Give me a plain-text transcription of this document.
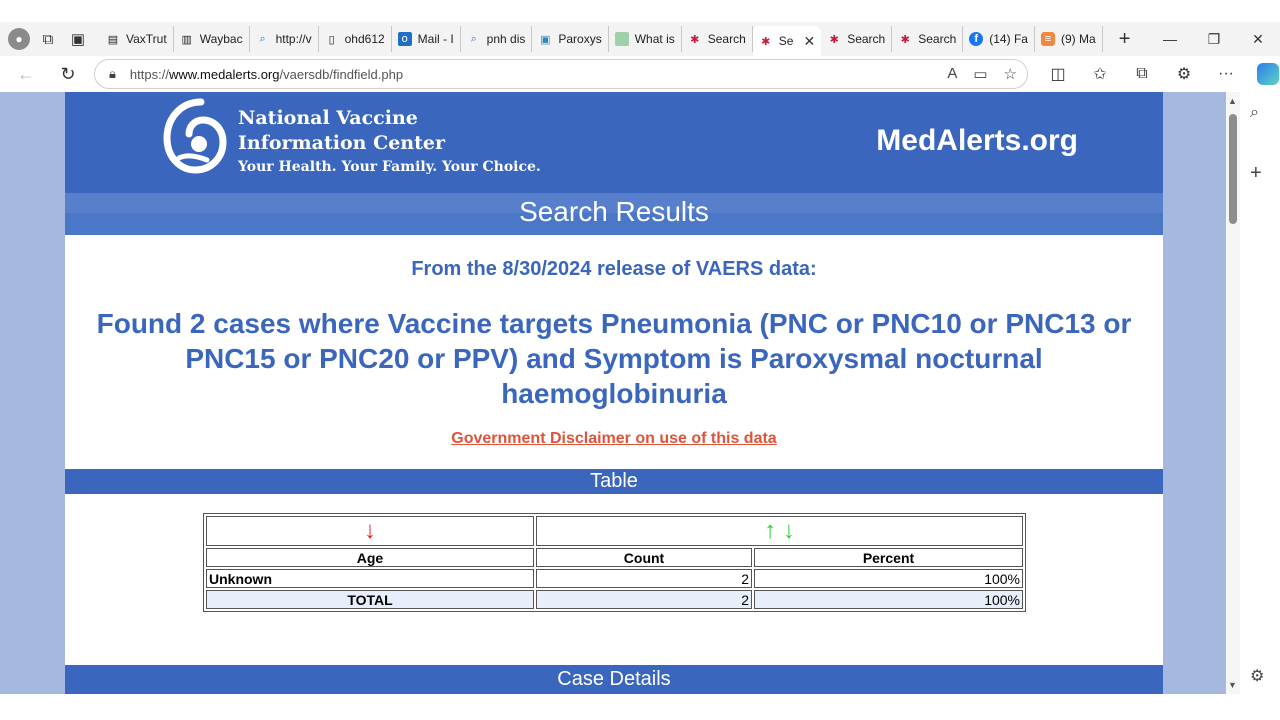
●	⧉	▣	▤ VaxTrut ▥ Waybac	⌕ http://v	▯ ohd612	o Mail - I	⌕ pnh dis ▣ Paroxys	What is ✱ Search ✱ Se ✕ ✱ Search ✱ Search	f (14) Fa	≡ (9) Ma	+	—	❐	✕
←	↻	🔒︎ https://www.medalerts.org/vaersdb/findfield.php	A ▭ ☆	◫	✩	⧉	⚙	···
National Vaccine
Information Center
Your Health. Your Family. Your Choice.
MedAlerts.org
Search Results
From the 8/30/2024 release of VAERS data:
Found 2 cases where Vaccine targets Pneumonia (PNC or PNC10 or PNC13 or PNC15 or PNC20 or PPV) and Symptom is Paroxysmal nocturnal haemoglobinuria
Government Disclaimer on use of this data
Table
↓	↑ ↓	
Age	Count	Percent
Unknown	2	100%
TOTAL	2	100%
Case Details
▲
▼
⌕
+
⚙
